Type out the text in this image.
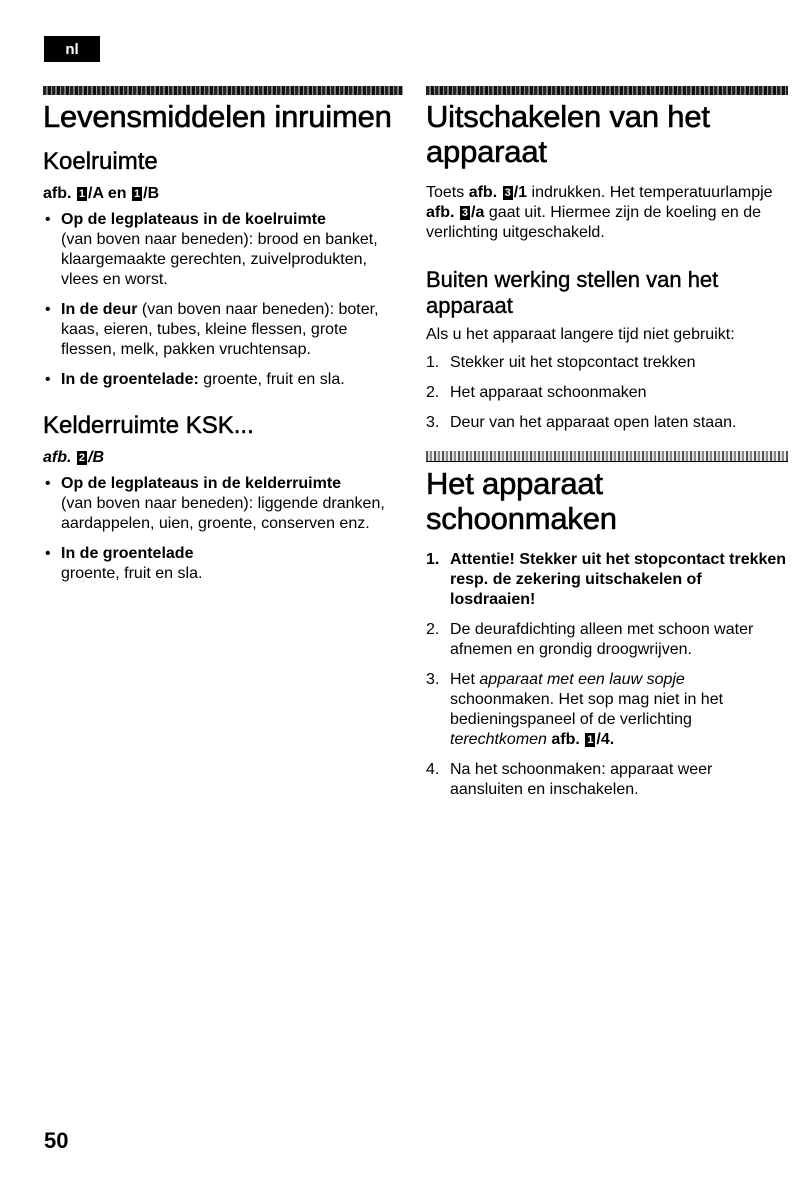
nl
Levensmiddelen inruimen
Koelruimte
afb. 1 /A en 1 /B
• Op de legplateaus in de koelruimte
(van boven naar beneden): brood en banket, klaargemaakte gerechten, zuivelprodukten, vlees en worst.
• In de deur (van boven naar beneden): boter, kaas, eieren, tubes, kleine flessen, grote flessen, melk, pakken vruchtensap.
• In de groentelade: groente, fruit en sla.
Kelderruimte KSK...
afb. 2 /B
• Op de legplateaus in de kelderruimte
(van boven naar beneden): liggende dranken, aardappelen, uien, groente, conserven enz.
• In de groentelade
groente, fruit en sla.
Uitschakelen van het apparaat

Toets afb. 3 /1 indrukken. Het temperatuurlampje afb. 3 /a gaat uit. Hiermee zijn de koeling en de verlichting uitgeschakeld.

Buiten werking stellen van het apparaat

Als u het apparaat langere tijd niet gebruikt:

1. Stekker uit het stopcontact trekken
2. Het apparaat schoonmaken
3. Deur van het apparaat open laten staan.
Het apparaat schoonmaken
1. Attentie! Stekker uit het stopcontact trekken resp. de zekering uitschakelen of losdraaien!
2. De deurafdichting alleen met schoon water afnemen en grondig droogwrijven.
3. Het apparaat met een lauw sopje schoonmaken. Het sop mag niet in het bedieningspaneel of de verlichting terechtkomen afb. 1 /4.
4. Na het schoonmaken: apparaat weer aansluiten en inschakelen.
50
